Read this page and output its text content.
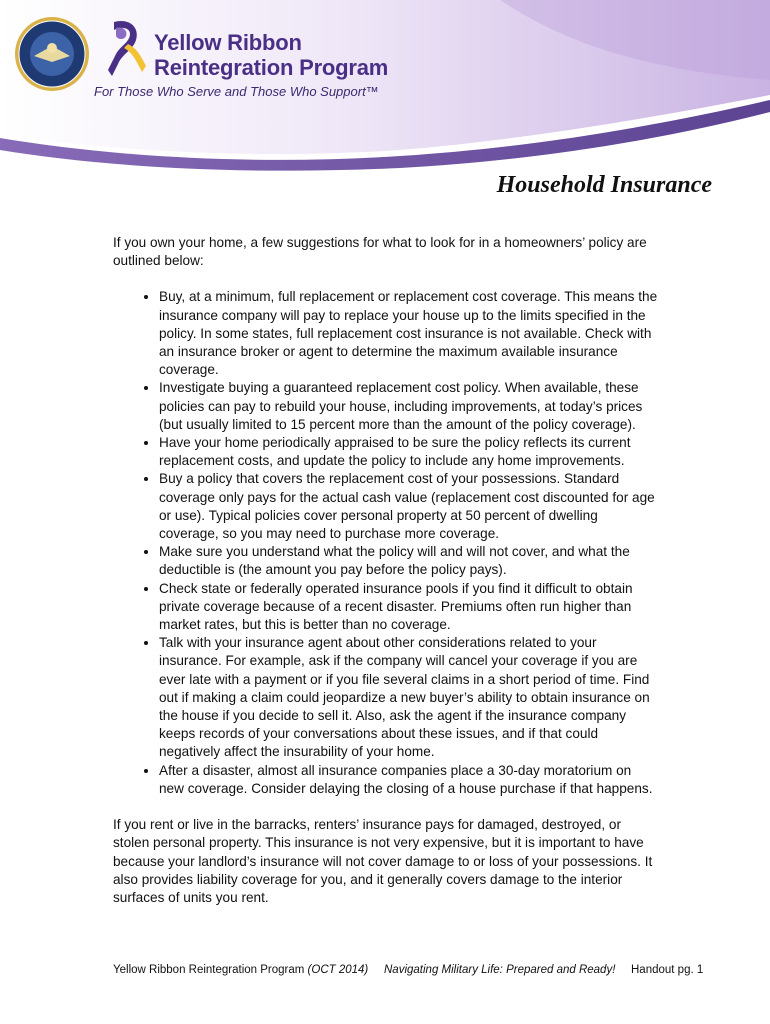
Yellow Ribbon
Reintegration Program
For Those Who Serve and Those Who Support™
Household Insurance

If you own your home, a few suggestions for what to look for in a homeowners’ policy are outlined below:

• Buy, at a minimum, full replacement or replacement cost coverage. This means the insurance company will pay to replace your house up to the limits specified in the policy. In some states, full replacement cost insurance is not available. Check with an insurance broker or agent to determine the maximum available insurance coverage.
• Investigate buying a guaranteed replacement cost policy. When available, these policies can pay to rebuild your house, including improvements, at today’s prices (but usually limited to 15 percent more than the amount of the policy coverage).
• Have your home periodically appraised to be sure the policy reflects its current replacement costs, and update the policy to include any home improvements.
• Buy a policy that covers the replacement cost of your possessions. Standard coverage only pays for the actual cash value (replacement cost discounted for age or use). Typical policies cover personal property at 50 percent of dwelling coverage, so you may need to purchase more coverage.
• Make sure you understand what the policy will and will not cover, and what the deductible is (the amount you pay before the policy pays).
• Check state or federally operated insurance pools if you find it difficult to obtain private coverage because of a recent disaster. Premiums often run higher than market rates, but this is better than no coverage.
• Talk with your insurance agent about other considerations related to your insurance. For example, ask if the company will cancel your coverage if you are ever late with a payment or if you file several claims in a short period of time. Find out if making a claim could jeopardize a new buyer’s ability to obtain insurance on the house if you decide to sell it. Also, ask the agent if the insurance company keeps records of your conversations about these issues, and if that could negatively affect the insurability of your home.
• After a disaster, almost all insurance companies place a 30-day moratorium on new coverage. Consider delaying the closing of a house purchase if that happens.

If you rent or live in the barracks, renters’ insurance pays for damaged, destroyed, or stolen personal property. This insurance is not very expensive, but it is important to have because your landlord’s insurance will not cover damage to or loss of your possessions. It also provides liability coverage for you, and it generally covers damage to the interior surfaces of units you rent.

Yellow Ribbon Reintegration Program (OCT 2014) Navigating Military Life: Prepared and Ready! Handout pg. 1
